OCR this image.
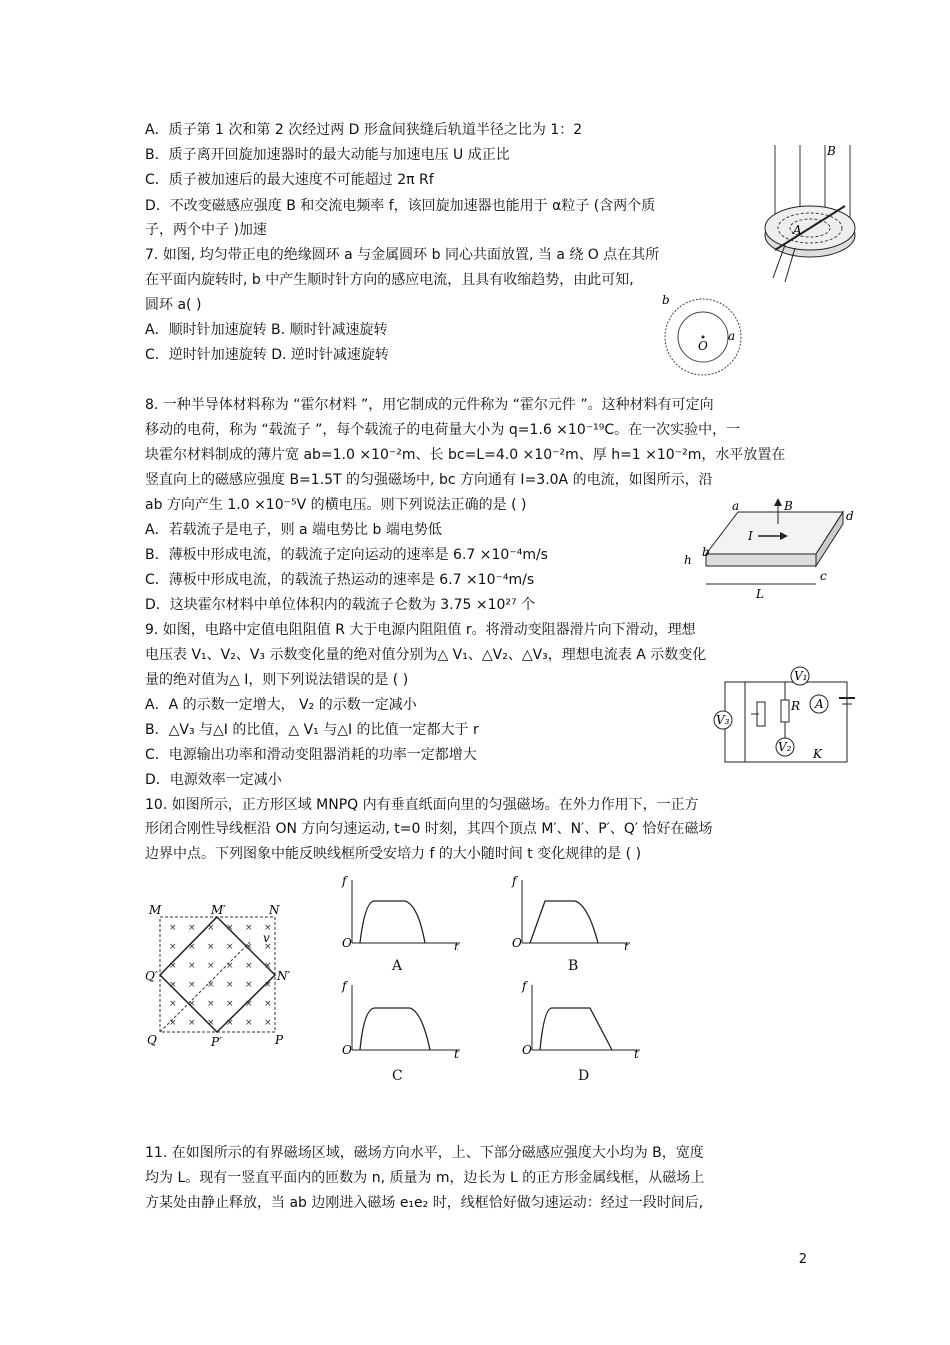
A．质子第 1 次和第 2 次经过两 D 形盒间狭缝后轨道半径之比为 1：2
B．质子离开回旋加速器时的最大动能与加速电压 U 成正比
C．质子被加速后的最大速度不可能超过 2π Rf
D．不改变磁感应强度 B 和交流电频率 f，该回旋加速器也能用于 α粒子 (含两个质
子，两个中子 )加速
7. 如图, 均匀带正电的绝缘圆环 a 与金属圆环 b 同心共面放置, 当 a 绕 O 点在其所
在平面内旋转时, b 中产生顺时针方向的感应电流，且具有收缩趋势，由此可知,
圆环 a( )
A．顺时针加速旋转 B. 顺时针减速旋转
C．逆时针加速旋转 D. 逆时针减速旋转
8. 一种半导体材料称为 “霍尔材料 ”，用它制成的元件称为 “霍尔元件 ”。这种材料有可定向
移动的电荷，称为 “载流子 ”，每个载流子的电荷量大小为 q=1.6 ×10⁻¹⁹C。在一次实验中，一
块霍尔材料制成的薄片宽 ab=1.0 ×10⁻²m、长 bc=L=4.0 ×10⁻²m、厚 h=1 ×10⁻²m，水平放置在
竖直向上的磁感应强度 B=1.5T 的匀强磁场中, bc 方向通有 I=3.0A 的电流，如图所示，沿
ab 方向产生 1.0 ×10⁻⁵V 的横电压。则下列说法正确的是 ( )
A．若载流子是电子，则 a 端电势比 b 端电势低
B．薄板中形成电流，的载流子定向运动的速率是 6.7 ×10⁻⁴m/s
C．薄板中形成电流，的载流子热运动的速率是 6.7 ×10⁻⁴m/s
D．这块霍尔材料中单位体积内的载流子仑数为 3.75 ×10²⁷ 个
9. 如图，电路中定值电阻阻值 R 大于电源内阻阻值 r。将滑动变阻器滑片向下滑动，理想
电压表 V₁、V₂、V₃ 示数变化量的绝对值分别为△ V₁、△V₂、△V₃，理想电流表 A 示数变化
量的绝对值为△ I，则下列说法错误的是 ( )
A．A 的示数一定增大， V₂ 的示数一定减小
B．△V₃ 与△I 的比值，△ V₁ 与△I 的比值一定都大于 r
C．电源输出功率和滑动变阻器消耗的功率一定都增大
D．电源效率一定减小
10. 如图所示，正方形区域 MNPQ 内有垂直纸面向里的匀强磁场。在外力作用下，一正方
形闭合刚性导线框沿 ON 方向匀速运动, t=0 时刻，其四个顶点 M′、N′、P′、Q′ 恰好在磁场
边界中点。下列图象中能反映线框所受安培力 f 的大小随时间 t 变化规律的是 ( )
11. 在如图所示的有界磁场区域，磁场方向水平，上、下部分磁感应强度大小均为 B，宽度
均为 L。现有一竖直平面内的匝数为 n, 质量为 m，边长为 L 的正方形金属线框，从磁场上
方某处由静止释放，当 ab 边刚进入磁场 e₁e₂ 时，线框恰好做匀速运动：经过一段时间后,
B
A
b
O
a
B
I
a
d
b
c
h
L
V₁
V₃
V₂
A
R
K
× × × × × ×
× × × × × ×
× × × × × ×
× × × × × ×
× × × × × ×
× × × × × ×
M	M′	N
Q′	N′
v
Q	P′	P
f
O	t
A
f
O	t
B
f
O	t
C
f
O	t
D
2
